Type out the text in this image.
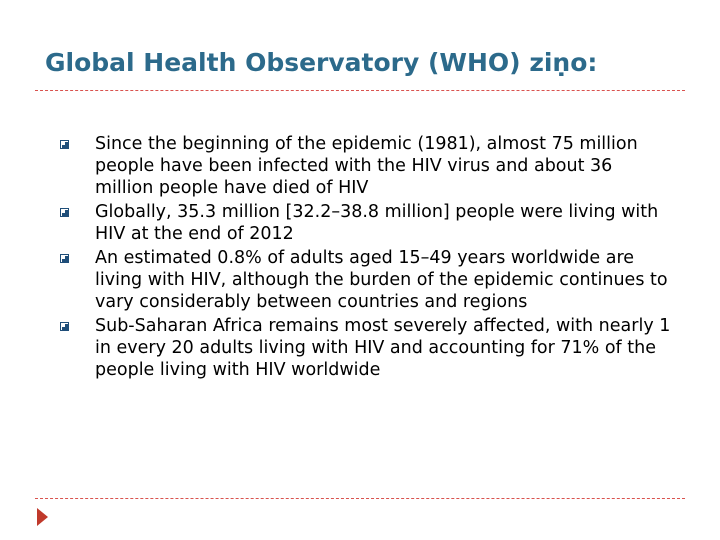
Global Health Observatory (WHO) ziṇo:
Since the beginning of the epidemic (1981), almost 75 million people have been infected with the HIV virus and about 36 million people have died of HIV
Globally, 35.3 million [32.2–38.8 million] people were living with HIV at the end of 2012
An estimated 0.8% of adults aged 15–49 years worldwide are living with HIV, although the burden of the epidemic continues to vary considerably between countries and regions
Sub-Saharan Africa remains most severely affected, with nearly 1 in every 20 adults living with HIV and accounting for 71% of the people living with HIV worldwide
